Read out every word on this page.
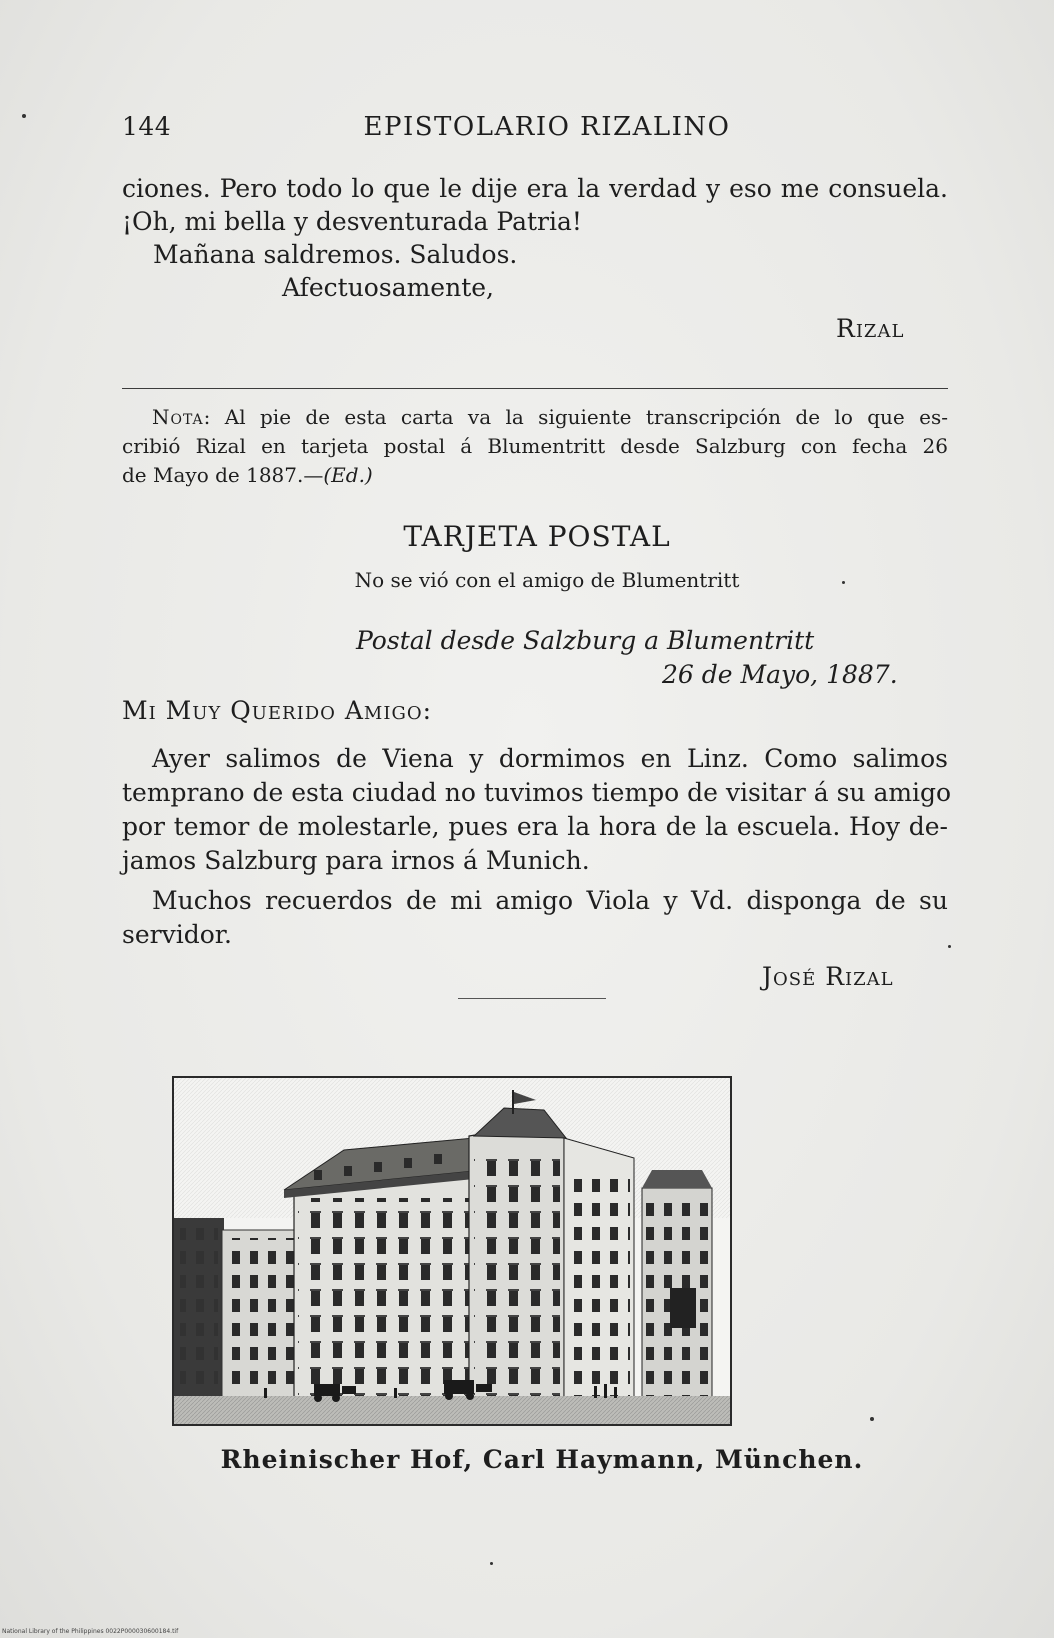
144	EPISTOLARIO RIZALINO
ciones. Pero todo lo que le dije era la verdad y eso me consuela.
¡Oh, mi bella y desventurada Patria!
Mañana saldremos. Saludos.
Afectuosamente,
Rizal
Nota: Al pie de esta carta va la siguiente transcripción de lo que es-
cribió Rizal en tarjeta postal á Blumentritt desde Salzburg con fecha 26
de Mayo de 1887.—(Ed.)
TARJETA POSTAL
No se vió con el amigo de Blumentritt
Postal desde Salzburg a Blumentritt
26 de Mayo, 1887.
Mi Muy Querido Amigo:
Ayer salimos de Viena y dormimos en Linz. Como salimos
temprano de esta ciudad no tuvimos tiempo de visitar á su amigo
por temor de molestarle, pues era la hora de la escuela. Hoy de-
jamos Salzburg para irnos á Munich.
Muchos recuerdos de mi amigo Viola y Vd. disponga de su
servidor.
José Rizal
Rheinischer Hof, Carl Haymann, München.
National Library of the Philippines 0022P000030600184.tif
